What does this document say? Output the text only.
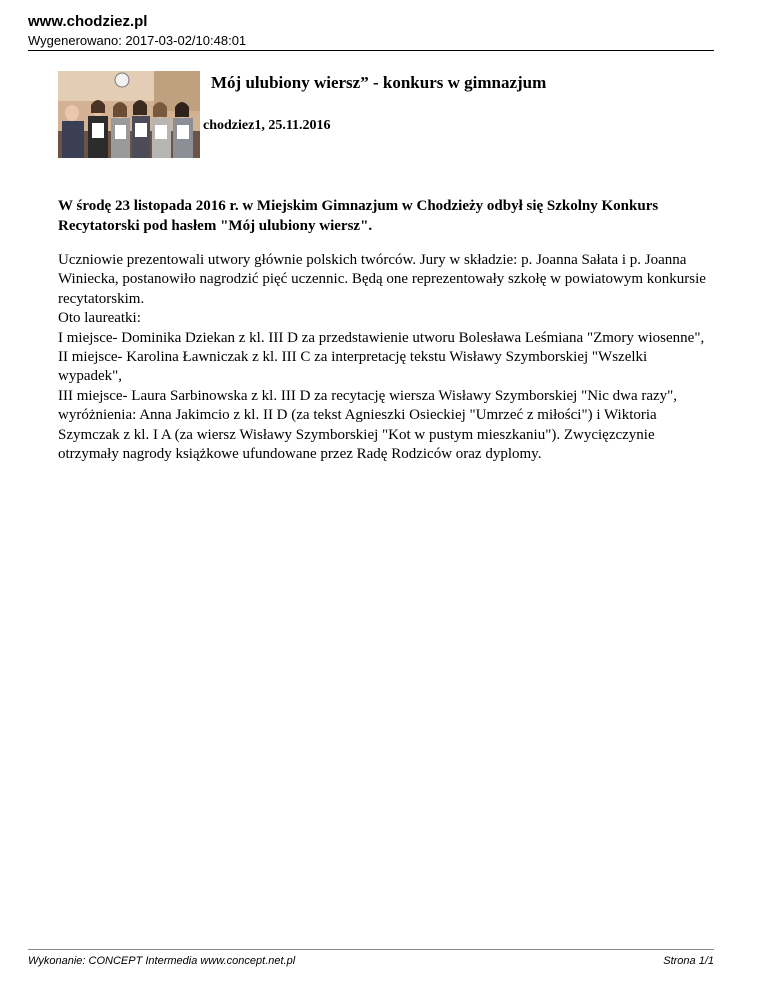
www.chodziez.pl
Wygenerowano: 2017-03-02/10:48:01
Mój ulubiony wiersz” - konkurs w gimnazjum
chodziez1, 25.11.2016
W środę 23 listopada 2016 r. w Miejskim Gimnazjum w Chodzieży odbył się Szkolny Konkurs Recytatorski pod hasłem "Mój ulubiony wiersz".

Uczniowie prezentowali utwory głównie polskich twórców. Jury w składzie: p. Joanna Sałata i p. Joanna Winiecka, postanowiło nagrodzić pięć uczennic. Będą one reprezentowały szkołę w powiatowym konkursie recytatorskim.

Oto laureatki:

I miejsce- Dominika Dziekan z kl. III D za przedstawienie utworu Bolesława Leśmiana "Zmory wiosenne",

II miejsce- Karolina Ławniczak z kl. III C za interpretację tekstu Wisławy Szymborskiej "Wszelki wypadek",

III miejsce- Laura Sarbinowska z kl. III D za recytację wiersza Wisławy Szymborskiej "Nic dwa razy", wyróżnienia: Anna Jakimcio z kl. II D (za tekst Agnieszki Osieckiej "Umrzeć z miłości") i Wiktoria Szymczak z kl. I A (za wiersz Wisławy Szymborskiej "Kot w pustym mieszkaniu"). Zwycięzczynie otrzymały nagrody książkowe ufundowane przez Radę Rodziców oraz dyplomy.

Wykonanie: CONCEPT Intermedia www.concept.net.pl	Strona 1/1
